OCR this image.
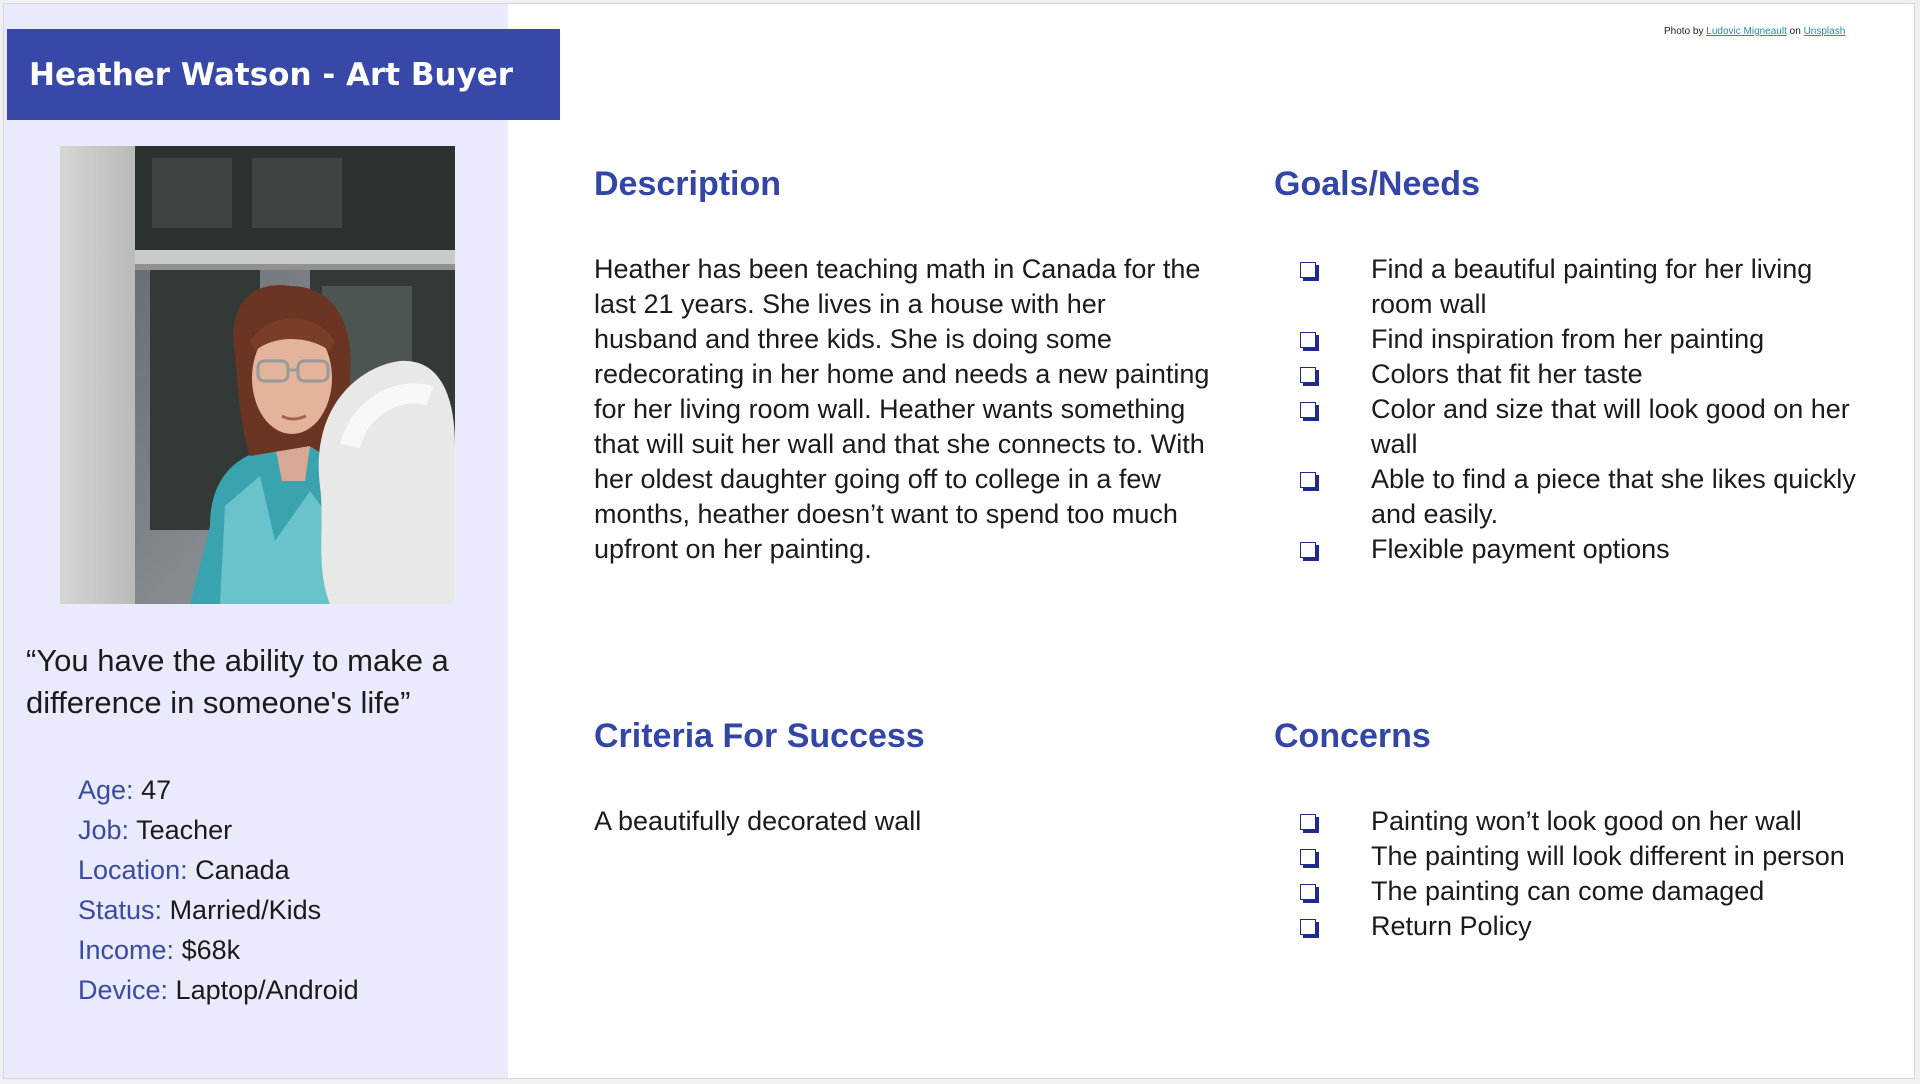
“You have the ability to make a difference in someone's life”
Age: 47
Job: Teacher
Location: Canada
Status: Married/Kids
Income: $68k
Device: Laptop/Android
Heather Watson - Art Buyer
Photo by Ludovic Migneault on Unsplash
Description
Heather has been teaching math in Canada for the last 21 years. She lives in a house with her husband and three kids. She is doing some redecorating in her home and needs a new painting for her living room wall. Heather wants something that will suit her wall and that she connects to. With her oldest daughter going off to college in a few months, heather doesn’t want to spend too much upfront on her painting.
Goals/Needs
Find a beautiful painting for her living room wall
Find inspiration from her painting
Colors that fit her taste
Color and size that will look good on her wall
Able to find a piece that she likes quickly and easily.
Flexible payment options
Criteria For Success
A beautifully decorated wall
Concerns
Painting won’t look good on her wall
The painting will look different in person
The painting can come damaged
Return Policy
